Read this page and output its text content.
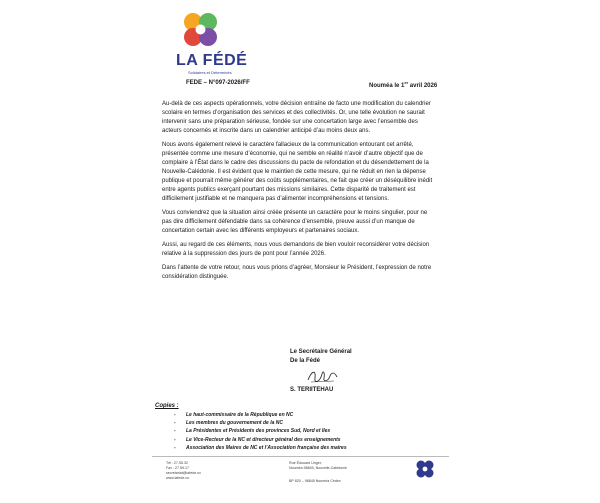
LA FÉDÉ
Solidaires et Déterminés
FEDE – N°097-2026/FF	Nouméa le 1er avril 2026

Au-delà de ces aspects opérationnels, votre décision entraîne de facto une modification du calendrier scolaire en termes d’organisation des services et des collectivités. Or, une telle évolution ne saurait intervenir sans une préparation sérieuse, fondée sur une concertation large avec l’ensemble des acteurs concernés et inscrite dans un calendrier anticipé d’au moins deux ans.

Nous avons également relevé le caractère fallacieux de la communication entourant cet arrêté, présentée comme une mesure d’économie, qui ne semble en réalité n’avoir d’autre objectif que de complaire à l’État dans le cadre des discussions du pacte de refondation et du désendettement de la Nouvelle-Calédonie. Il est évident que le maintien de cette mesure, qui ne réduit en rien la dépense publique et pourrait même générer des coûts supplémentaires, ne fait que créer un déséquilibre inédit entre agents publics exerçant pourtant des missions similaires. Cette disparité de traitement est difficilement justifiable et ne manquera pas d’alimenter incompréhensions et tensions.

Vous conviendrez que la situation ainsi créée présente un caractère pour le moins singulier, pour ne pas dire difficilement défendable dans sa cohérence d’ensemble, preuve aussi d’un manque de concertation certain avec les différents employeurs et partenaires sociaux.

Aussi, au regard de ces éléments, nous vous demandons de bien vouloir reconsidérer votre décision relative à la suppression des jours de pont pour l’année 2026.

Dans l’attente de votre retour, nous vous prions d’agréer, Monsieur le Président, l’expression de notre considération distinguée.

Le Secrétaire Général
De la Fédé
S. TERIITEHAU
Copies :
- Le haut-commissaire de la République en NC
- Les membres du gouvernement de la NC
- La Présidentes et Présidents des provinces Sud, Nord et Iles
- Le Vice-Recteur de la NC et directeur général des enseignements
- Association des Maires de NC et l’Association française des maires
Tél : 27.55.32
Fax : 27.59.17
secretariat@lafede.nc
www.lafede.nc
Rue Édouard Unger,
Nouméa 98845, Nouvelle-Calédonie
BP 820 – 98845 Nouméa Cédex
